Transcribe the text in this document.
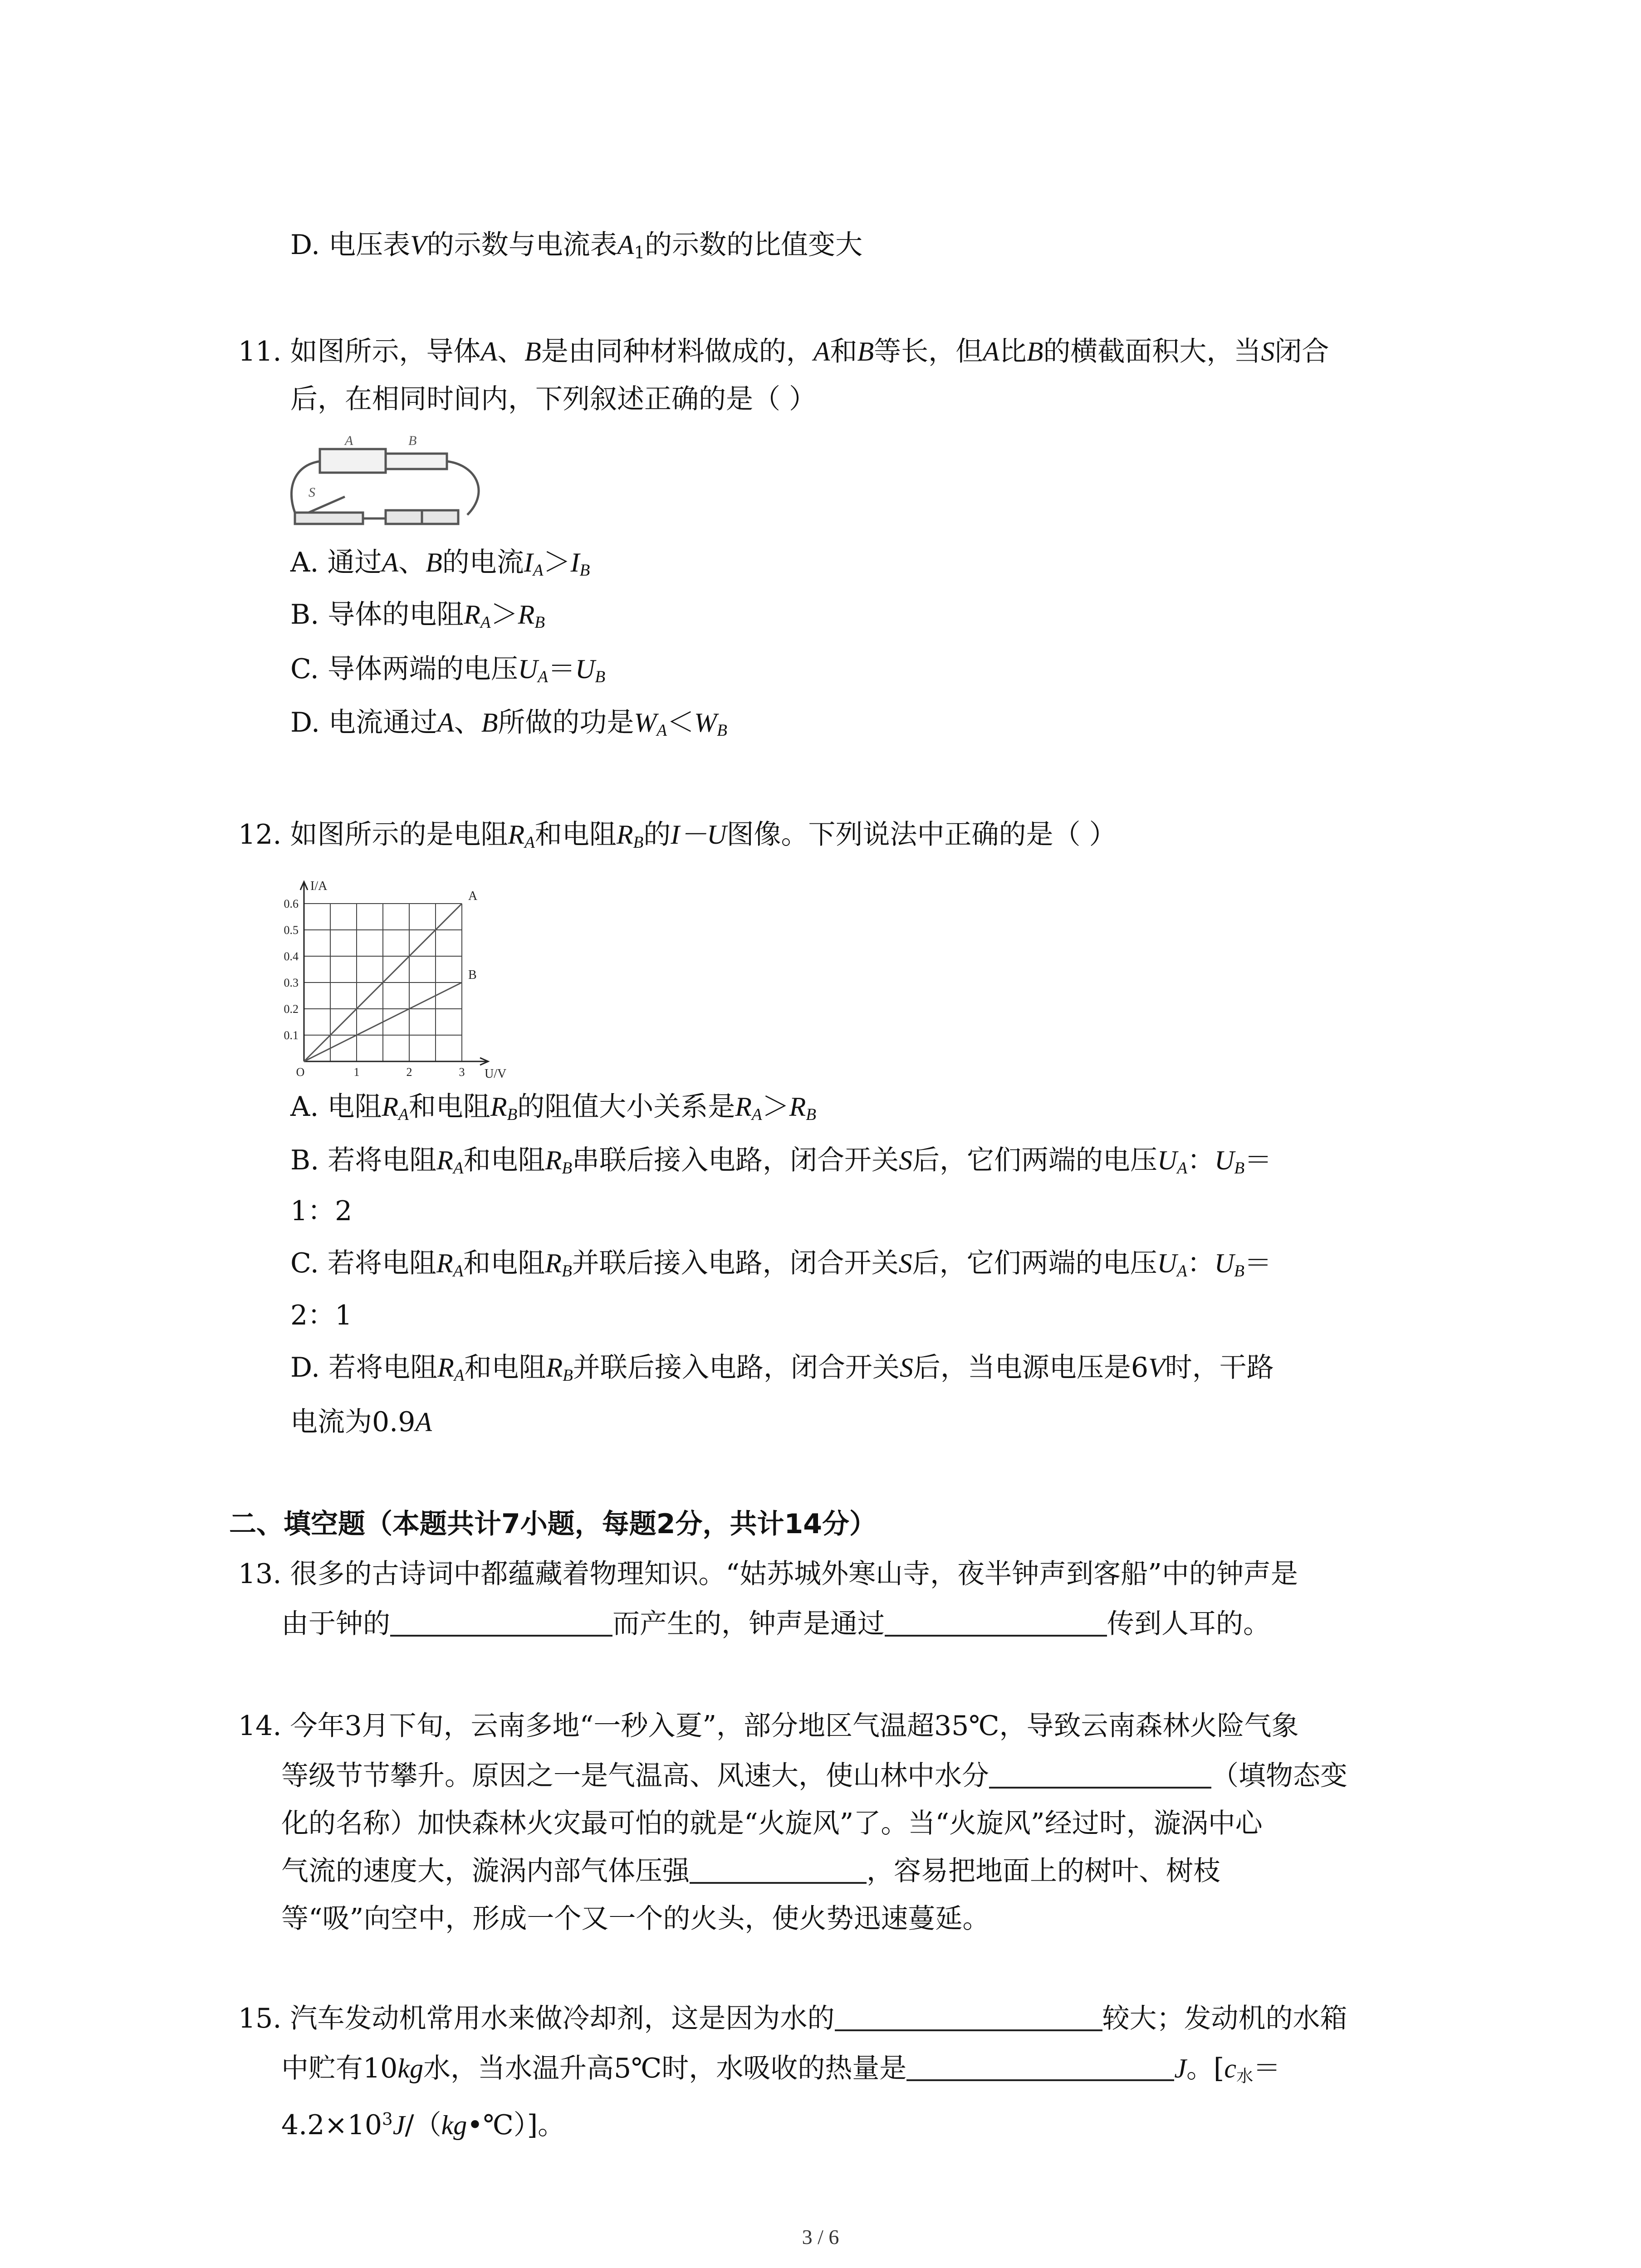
D. 电压表V的示数与电流表$A_1$的示数的比值变大
11. 如图所示，导体A、B是由同种材料做成的，A和B等长，但A比B的横截面积大，当S闭合
后，在相同时间内，下列叙述正确的是（ ）
A	B
S
A. 通过A、B的电流$I_A>I_B$
B. 导体的电阻$R_A>R_B$
C. 导体两端的电压$U_A=U_B$
D. 电流通过A、B所做的功是$W_A<W_B$
12. 如图所示的是电阻$R_A$和电阻$R_B$的I－U图像。下列说法中正确的是（ ）
A
B
0.1
0.2
0.3
0.4
0.5
0.6
1	2	3
O
I/A
U/V
A. 电阻$R_A$和电阻$R_B$的阻值大小关系是$R_A>R_B$
B. 若将电阻$R_A$和电阻$R_B$串联后接入电路，闭合开关S后，它们两端的电压$U_A$：$U_B=$
1：2
C. 若将电阻$R_A$和电阻$R_B$并联后接入电路，闭合开关S后，它们两端的电压$U_A$：$U_B=$
2：1
D. 若将电阻$R_A$和电阻$R_B$并联后接入电路，闭合开关S后，当电源电压是6V时，干路
电流为0.9A
二、填空题（本题共计7小题，每题2分，共计14分）
13. 很多的古诗词中都蕴藏着物理知识。“姑苏城外寒山寺，夜半钟声到客船”中的钟声是
由于钟的	而产生的，钟声是通过	传到人耳的。
14. 今年3月下旬，云南多地“一秒入夏”，部分地区气温超35℃，导致云南森林火险气象
等级节节攀升。原因之一是气温高、风速大，使山林中水分	（填物态变
化的名称）加快森林火灾最可怕的就是“火旋风”了。当“火旋风”经过时，漩涡中心
气流的速度大，漩涡内部气体压强	，容易把地面上的树叶、树枝
等“吸”向空中，形成一个又一个的火头，使火势迅速蔓延。
15. 汽车发动机常用水来做冷却剂，这是因为水的	较大；发动机的水箱
中贮有10kg水，当水温升高5℃时，水吸收的热量是	J。[$c_水=$
$4.2\times 10^3J/(kg•℃)$]。
3 / 6
